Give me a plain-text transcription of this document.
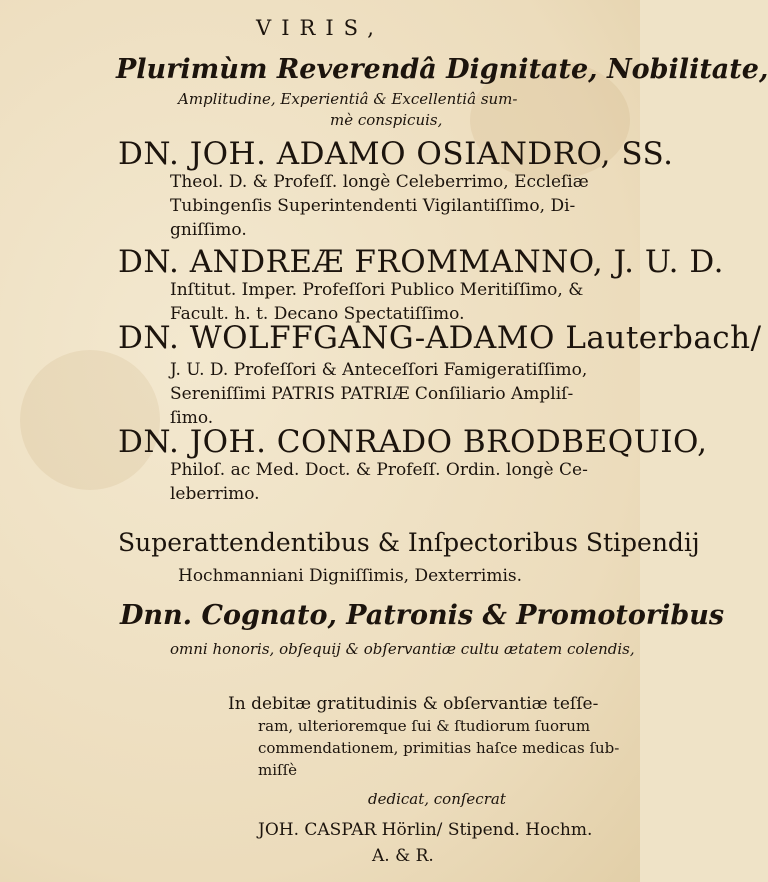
VIRIS,
Plurimùm Reverendâ Dignitate, Nobilitate,
Amplitudine, Experientiâ & Excellentiâ sum-
mè conspicuis,
DN. JOH. ADAMO OSIANDRO, SS.
Theol. D. & Profeſſ. longè Celeberrimo, Eccleſiæ
Tubingenſis Superintendenti Vigilantiſſimo, Di-
gniſſimo.
DN. ANDREÆ FROMMANNO, J. U. D.
Inſtitut. Imper. Profeſſori Publico Meritiſſimo, &
Facult. h. t. Decano Spectatiſſimo.
DN. WOLFFGANG-ADAMO Lauterbach/
J. U. D. Profeſſori & Anteceſſori Famigeratiſſimo,
Sereniſſimi PATRIS PATRIÆ Conſiliario Ampliſ-
ſimo.
DN. JOH. CONRADO BRODBEQUIO,
Philoſ. ac Med. Doct. & Profeſſ. Ordin. longè Ce-
leberrimo.
Superattendentibus & Inſpectoribus Stipendij
Hochmanniani Digniſſimis, Dexterrimis.
Dnn. Cognato, Patronis & Promotoribus
omni honoris, obſequij & obſervantiæ cultu ætatem colendis,
In debitæ gratitudinis & obſervantiæ teſſe-
ram, ulterioremque ſui & ſtudiorum ſuorum
commendationem, primitias haſce medicas ſub-
miſſè
dedicat, conſecrat
JOH. CASPAR Hörlin/ Stipend. Hochm.
A. & R.
